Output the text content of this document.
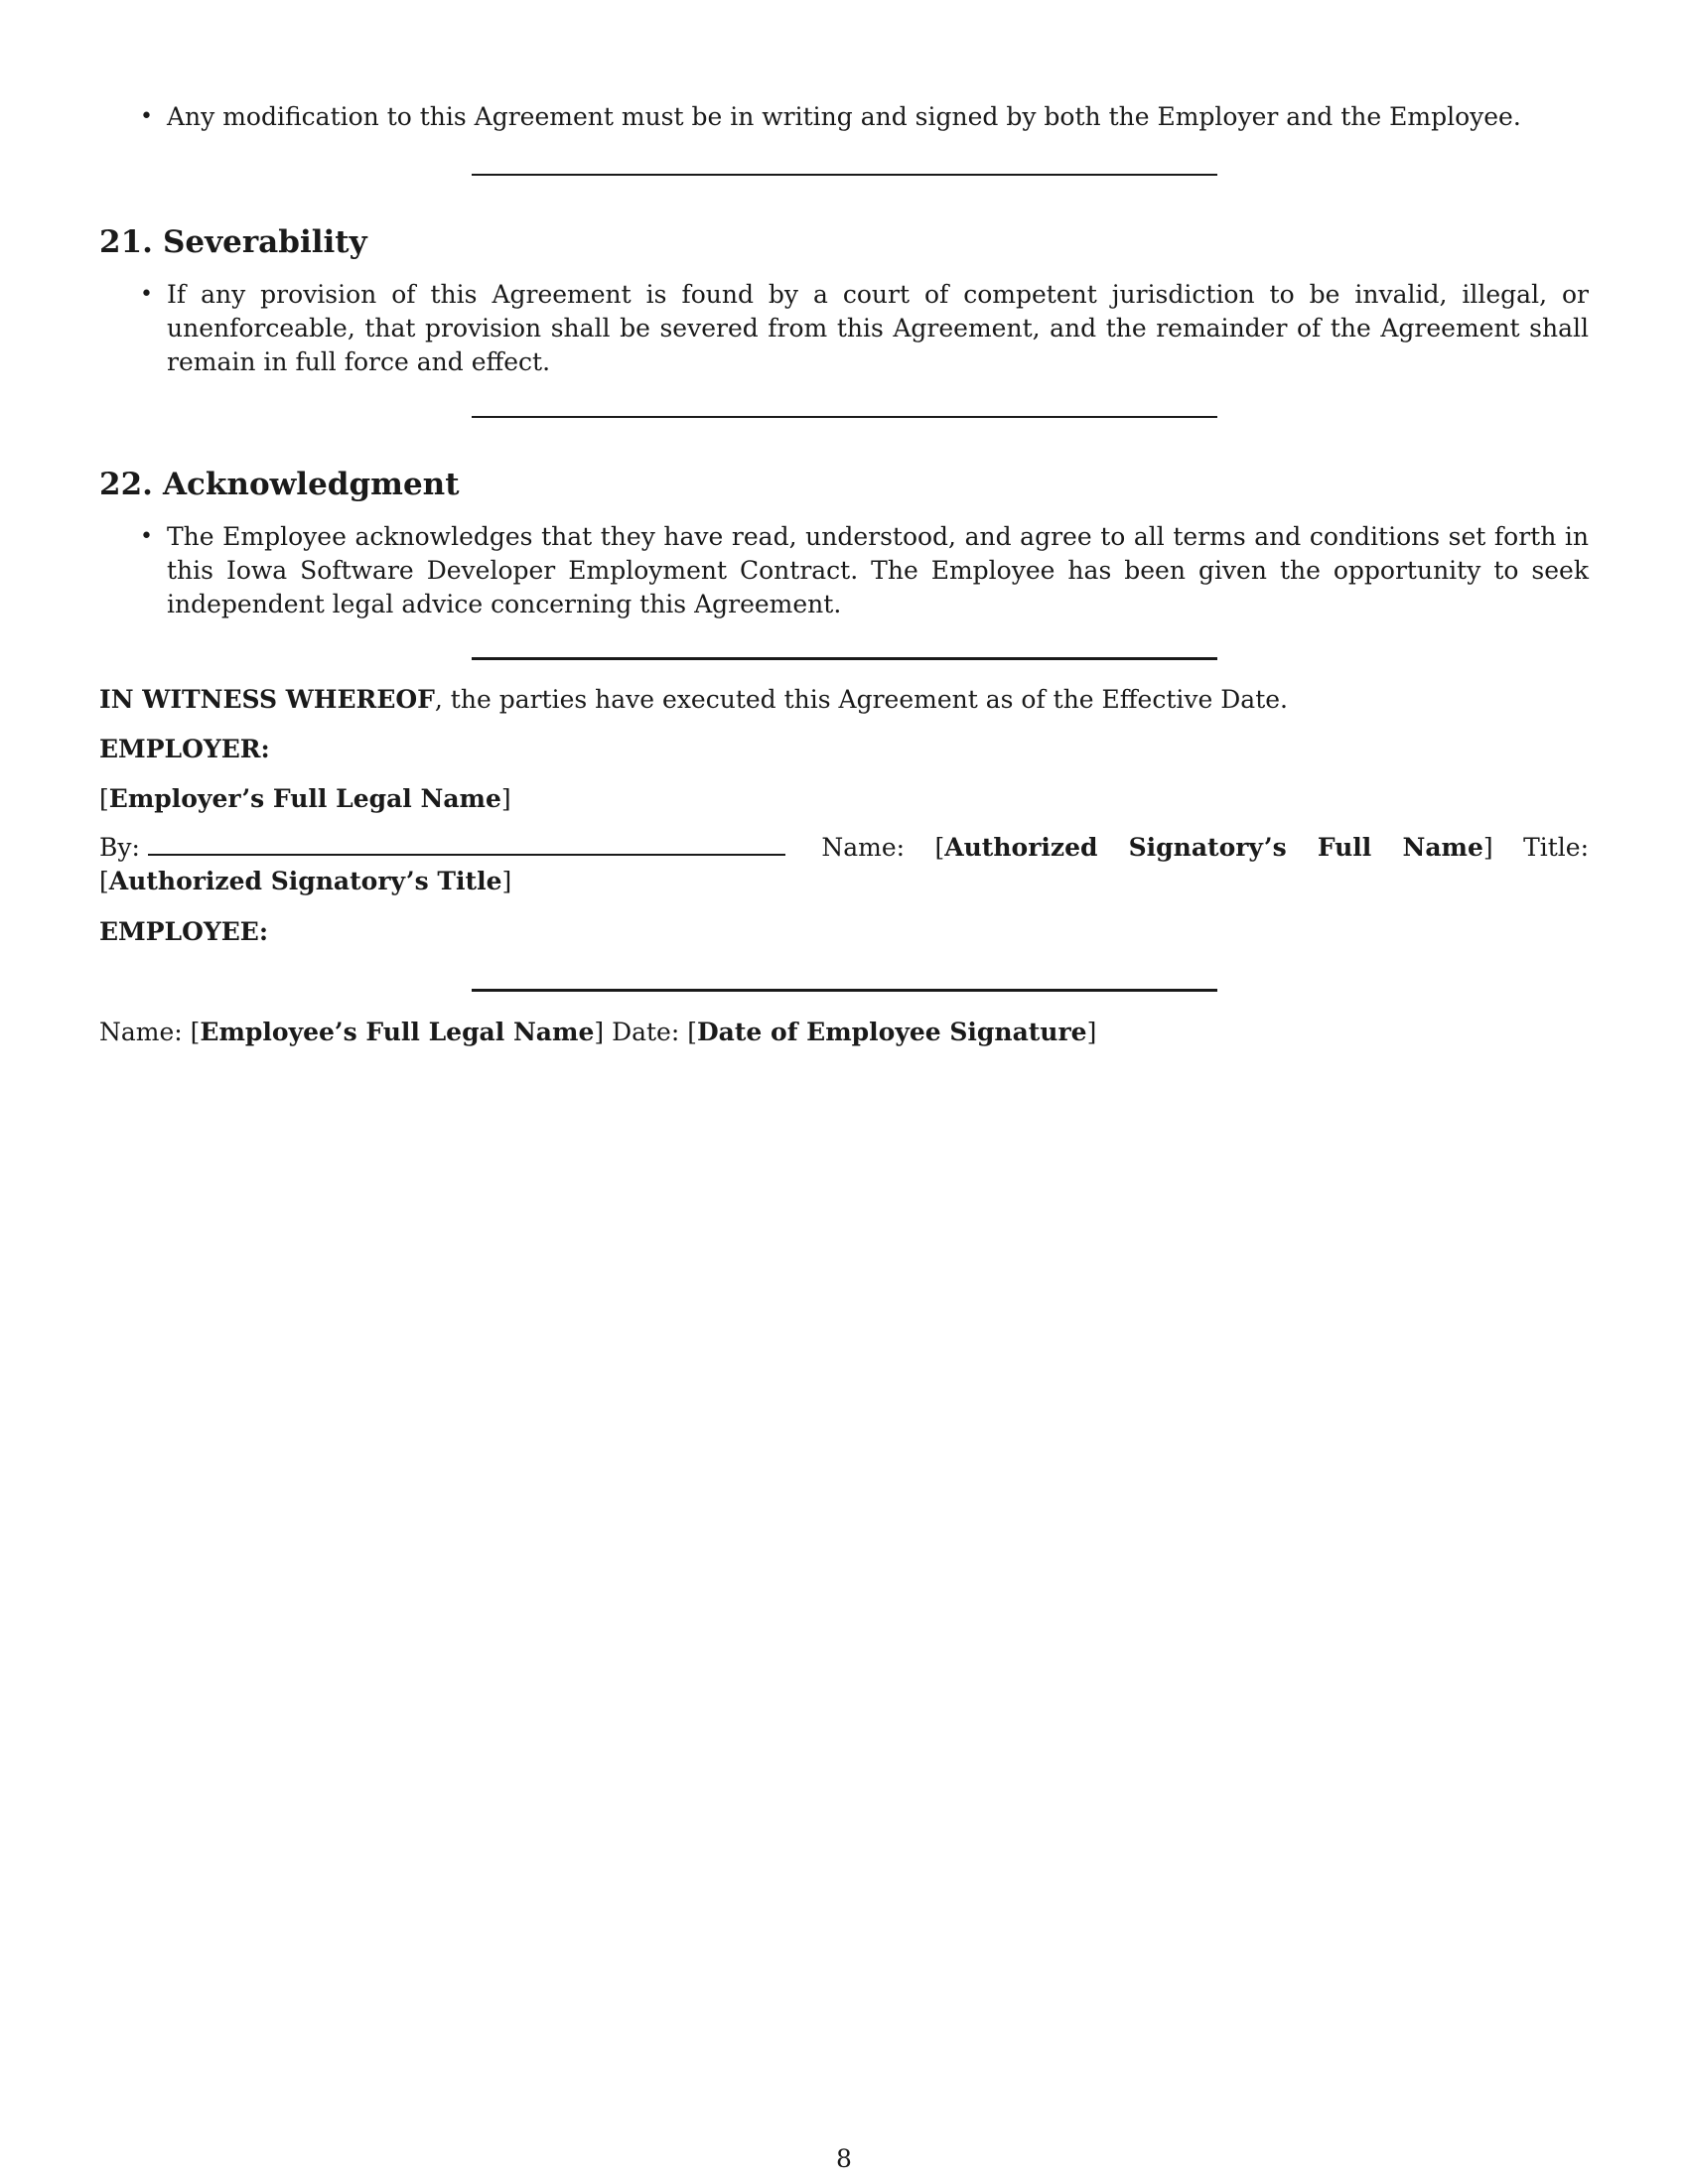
• Any modification to this Agreement must be in writing and signed by both the Employer and the Employee.
21. Severability
• If any provision of this Agreement is found by a court of competent jurisdiction to be invalid, illegal, or unenforceable, that provision shall be severed from this Agreement, and the remainder of the Agreement shall remain in full force and effect.
22. Acknowledgment
• The Employee acknowledges that they have read, understood, and agree to all terms and conditions set forth in this Iowa Software Developer Employment Contract. The Employee has been given the opportunity to seek independent legal advice concerning this Agreement.
IN WITNESS WHEREOF, the parties have executed this Agreement as of the Effective Date.
EMPLOYER:
[Employer’s Full Legal Name]
By:	Name: [Authorized Signatory’s Full Name] Title: [Authorized Signatory’s Title]
EMPLOYEE:
Name: [Employee’s Full Legal Name] Date: [Date of Employee Signature]
8
